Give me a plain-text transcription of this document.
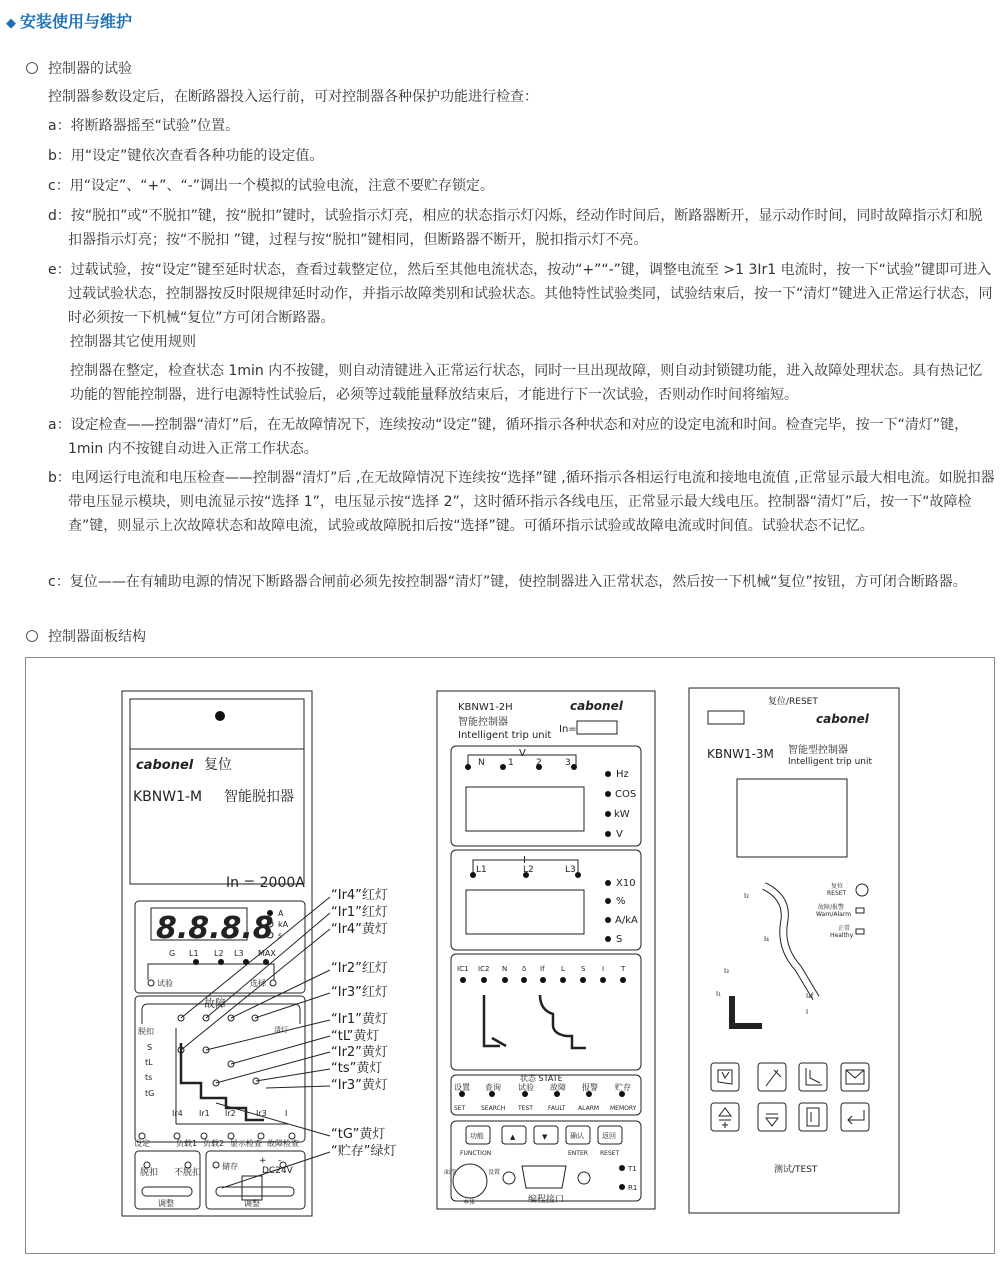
◆ 安装使用与维护
控制器的试验
控制器参数设定后，在断路器投入运行前，可对控制器各种保护功能进行检查：
a：将断路器摇至“试验”位置。
b：用“设定”键依次查看各种功能的设定值。
c：用“设定”、“+”、“-”调出一个模拟的试验电流，注意不要贮存锁定。
d：按“脱扣”或“不脱扣”键，按“脱扣”键时，试验指示灯亮，相应的状态指示灯闪烁，经动作时间后，断路器断开，显示动作时间，同时故障指示灯和脱扣器指示灯亮；按“不脱扣 ”键，过程与按“脱扣”键相同，但断路器不断开，脱扣指示灯不亮。
e：过载试验，按“设定”键至延时状态，查看过载整定位，然后至其他电流状态，按动“+”“-”键，调整电流至 >1 3Ir1 电流时，按一下“试验”键即可进入过载试验状态，控制器按反时限规律延时动作，并指示故障类别和试验状态。其他特性试验类同，试验结束后，按一下“清灯”键进入正常运行状态，同时必须按一下机械“复位”方可闭合断路器。
控制器其它使用规则
控制器在整定，检查状态 1min 内不按键，则自动清键进入正常运行状态，同时一旦出现故障，则自动封锁键功能，进入故障处理状态。具有热记忆功能的智能控制器，进行电源特性试验后，必须等过载能量释放结束后，才能进行下一次试验，否则动作时间将缩短。
a：设定检查——控制器“清灯”后，在无故障情况下，连续按动“设定”键，循环指示各种状态和对应的设定电流和时间。检查完毕，按一下“清灯”键，1min 内不按键自动进入正常工作状态。
b：电网运行电流和电压检查——控制器“清灯”后 ,在无故障情况下连续按“选择”键 ,循环指示各相运行电流和接地电流值 ,正常显示最大相电流。如脱扣器带电压显示模块，则电流显示按“选择 1”，电压显示按“选择 2”，这时循环指示各线电压，正常显示最大线电压。控制器“清灯”后，按一下“故障检查”键，则显示上次故障状态和故障电流，试验或故障脱扣后按“选择”键。可循环指示试验或故障电流或时间值。试验状态不记忆。
c：复位——在有辅助电源的情况下断路器合闸前必须先按控制器“清灯”键，使控制器进入正常状态，然后按一下机械“复位”按钮，方可闭合断路器。
控制器面板结构
cabonel 复位
KBNW1-M 智能脱扣器
In = 2000A
8.8.8.8 A
kA
s
G L1 L2 L3 MAX
试验	选择
故障
脱扣	清灯
S
tL
ts
tG
Ir4 Ir1 Ir2	Ir3 I
设定	负载1 负载2 显示检查 故障检查
脱扣 不脱扣
调整
储存
+ -
DC24V
调整
“Ir4”红灯
“Ir1”红灯
“Ir4”黄灯
“Ir2”红灯
“Ir3”红灯
“Ir1”黄灯
“tL”黄灯
“Ir2”黄灯
“ts”黄灯
“Ir3”黄灯
“tG”黄灯
“贮存”绿灯
KBNW1-2H	cabonel
智能控制器
Intelligent trip unit
In=
V
N	1 2	3
Hz
COS
kW
V
I
L1	L2	L3
X10
%
A/kA
S
IC1 IC2 N δ If L S I T
状态 STATE
设置 查询 试验 故障 报警 贮存
SET	SEARCH TEST	FAULT ALARM MEMORY
功能	▲	▼	确认	返回
FUNCTION	ENTER RESET
面控	设置
本体	编程接口
T1
R1
复位/RESET
cabonel
KBNW1-3M 智能型控制器
Intelligent trip unit
复位
RESET
故障/报警
Warn/Alarm
正常
Healthy
I₂
I₄
I₁
I₃
I₄f
I
测试/TEST
